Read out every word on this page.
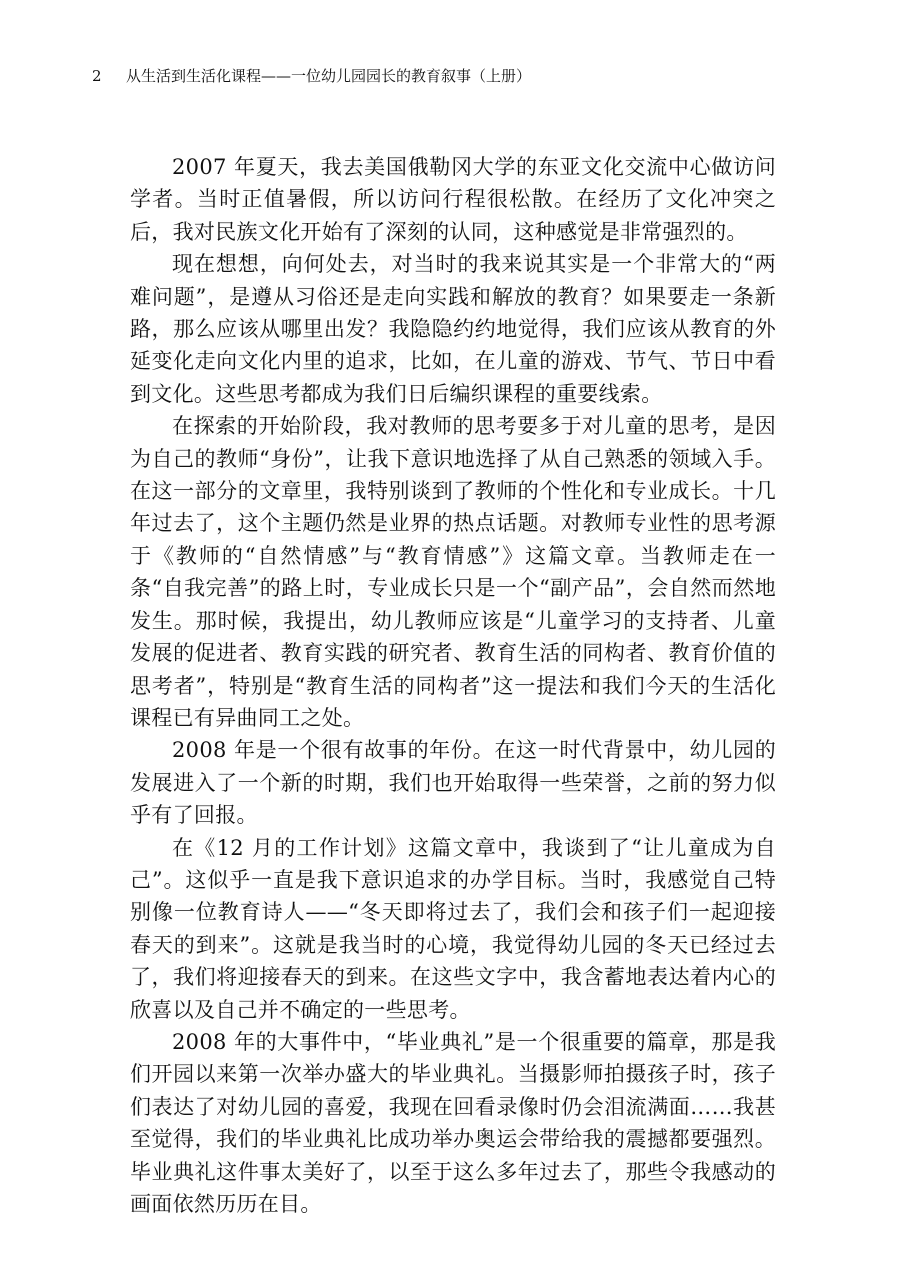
2 从生活到生活化课程——一位幼儿园园长的教育叙事（上册）

2007 年夏天，我去美国俄勒冈大学的东亚文化交流中心做访问学者。当时正值暑假，所以访问行程很松散。在经历了文化冲突之后，我对民族文化开始有了深刻的认同，这种感觉是非常强烈的。

现在想想，向何处去，对当时的我来说其实是一个非常大的“两难问题”，是遵从习俗还是走向实践和解放的教育？如果要走一条新路，那么应该从哪里出发？我隐隐约约地觉得，我们应该从教育的外延变化走向文化内里的追求，比如，在儿童的游戏、节气、节日中看到文化。这些思考都成为我们日后编织课程的重要线索。

在探索的开始阶段，我对教师的思考要多于对儿童的思考，是因为自己的教师“身份”，让我下意识地选择了从自己熟悉的领域入手。在这一部分的文章里，我特别谈到了教师的个性化和专业成长。十几年过去了，这个主题仍然是业界的热点话题。对教师专业性的思考源于《教师的“自然情感”与“教育情感”》这篇文章。当教师走在一条“自我完善”的路上时，专业成长只是一个“副产品”，会自然而然地发生。那时候，我提出，幼儿教师应该是“儿童学习的支持者、儿童发展的促进者、教育实践的研究者、教育生活的同构者、教育价值的思考者”，特别是“教育生活的同构者”这一提法和我们今天的生活化课程已有异曲同工之处。

2008 年是一个很有故事的年份。在这一时代背景中，幼儿园的发展进入了一个新的时期，我们也开始取得一些荣誉，之前的努力似乎有了回报。

在《12 月的工作计划》这篇文章中，我谈到了“让儿童成为自己”。这似乎一直是我下意识追求的办学目标。当时，我感觉自己特别像一位教育诗人——“冬天即将过去了，我们会和孩子们一起迎接春天的到来”。这就是我当时的心境，我觉得幼儿园的冬天已经过去了，我们将迎接春天的到来。在这些文字中，我含蓄地表达着内心的欣喜以及自己并不确定的一些思考。

2008 年的大事件中，“毕业典礼”是一个很重要的篇章，那是我们开园以来第一次举办盛大的毕业典礼。当摄影师拍摄孩子时，孩子们表达了对幼儿园的喜爱，我现在回看录像时仍会泪流满面……我甚至觉得，我们的毕业典礼比成功举办奥运会带给我的震撼都要强烈。毕业典礼这件事太美好了，以至于这么多年过去了，那些令我感动的画面依然历历在目。
